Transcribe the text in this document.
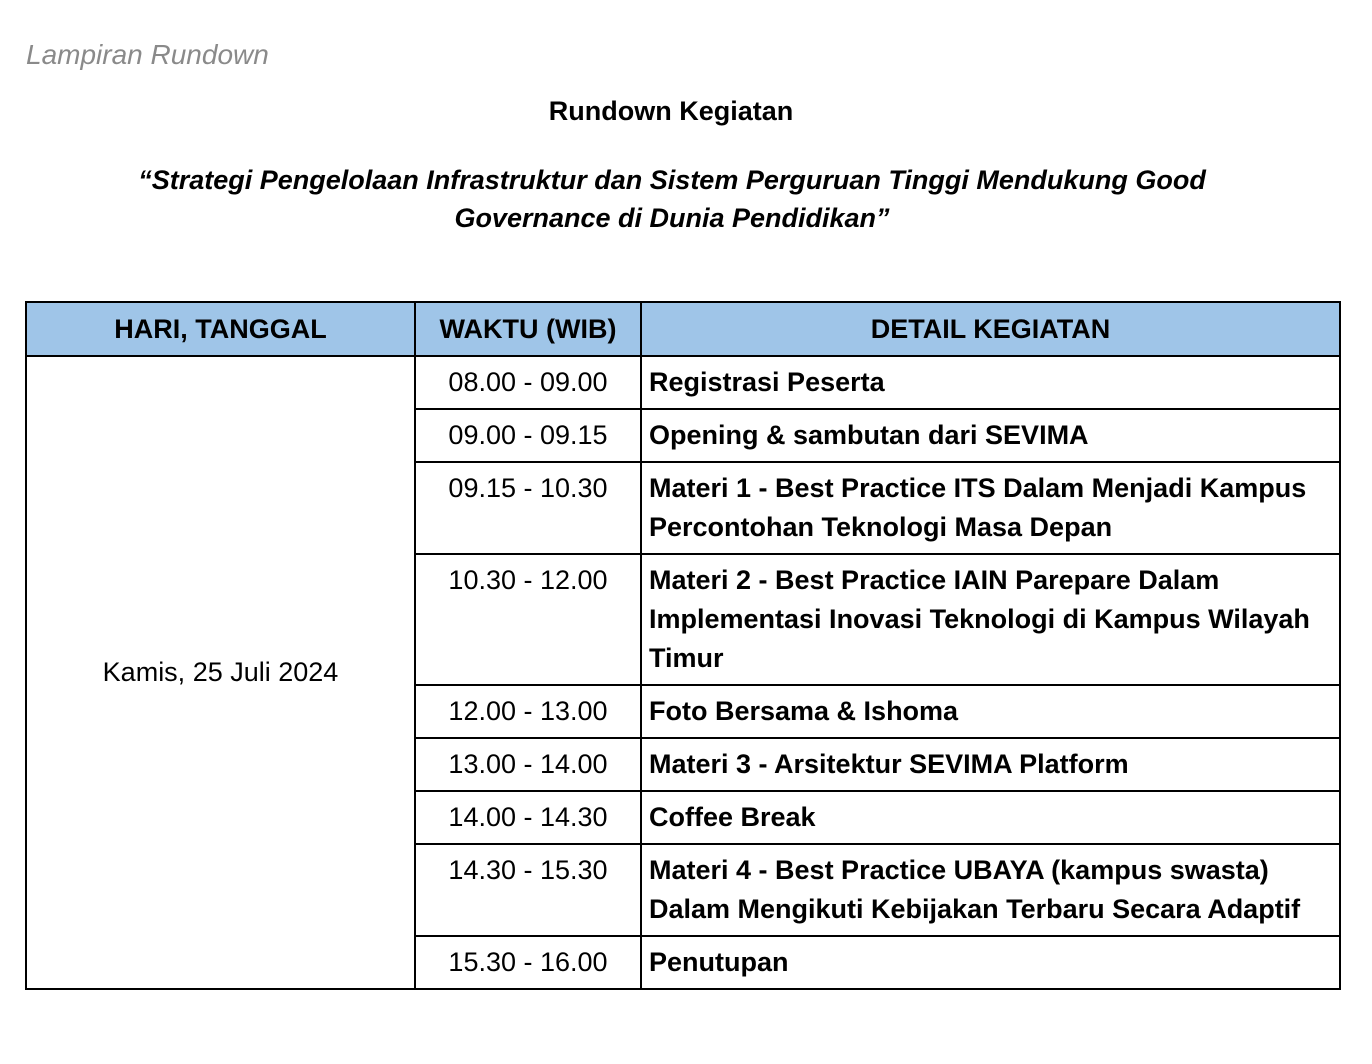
Lampiran Rundown
Rundown Kegiatan
“Strategi Pengelolaan Infrastruktur dan Sistem Perguruan Tinggi Mendukung Good Governance di Dunia Pendidikan”
HARI, TANGGAL	WAKTU (WIB)	DETAIL KEGIATAN
Kamis, 25 Juli 2024	08.00 - 09.00	Registrasi Peserta
	09.00 - 09.15	Opening & sambutan dari SEVIMA
	09.15 - 10.30	Materi 1 - Best Practice ITS Dalam Menjadi Kampus Percontohan Teknologi Masa Depan
	10.30 - 12.00	Materi 2 - Best Practice IAIN Parepare Dalam Implementasi Inovasi Teknologi di Kampus Wilayah Timur
	12.00 - 13.00	Foto Bersama & Ishoma
	13.00 - 14.00	Materi 3 - Arsitektur SEVIMA Platform
	14.00 - 14.30	Coffee Break
	14.30 - 15.30	Materi 4 - Best Practice UBAYA (kampus swasta) Dalam Mengikuti Kebijakan Terbaru Secara Adaptif
	15.30 - 16.00	Penutupan
